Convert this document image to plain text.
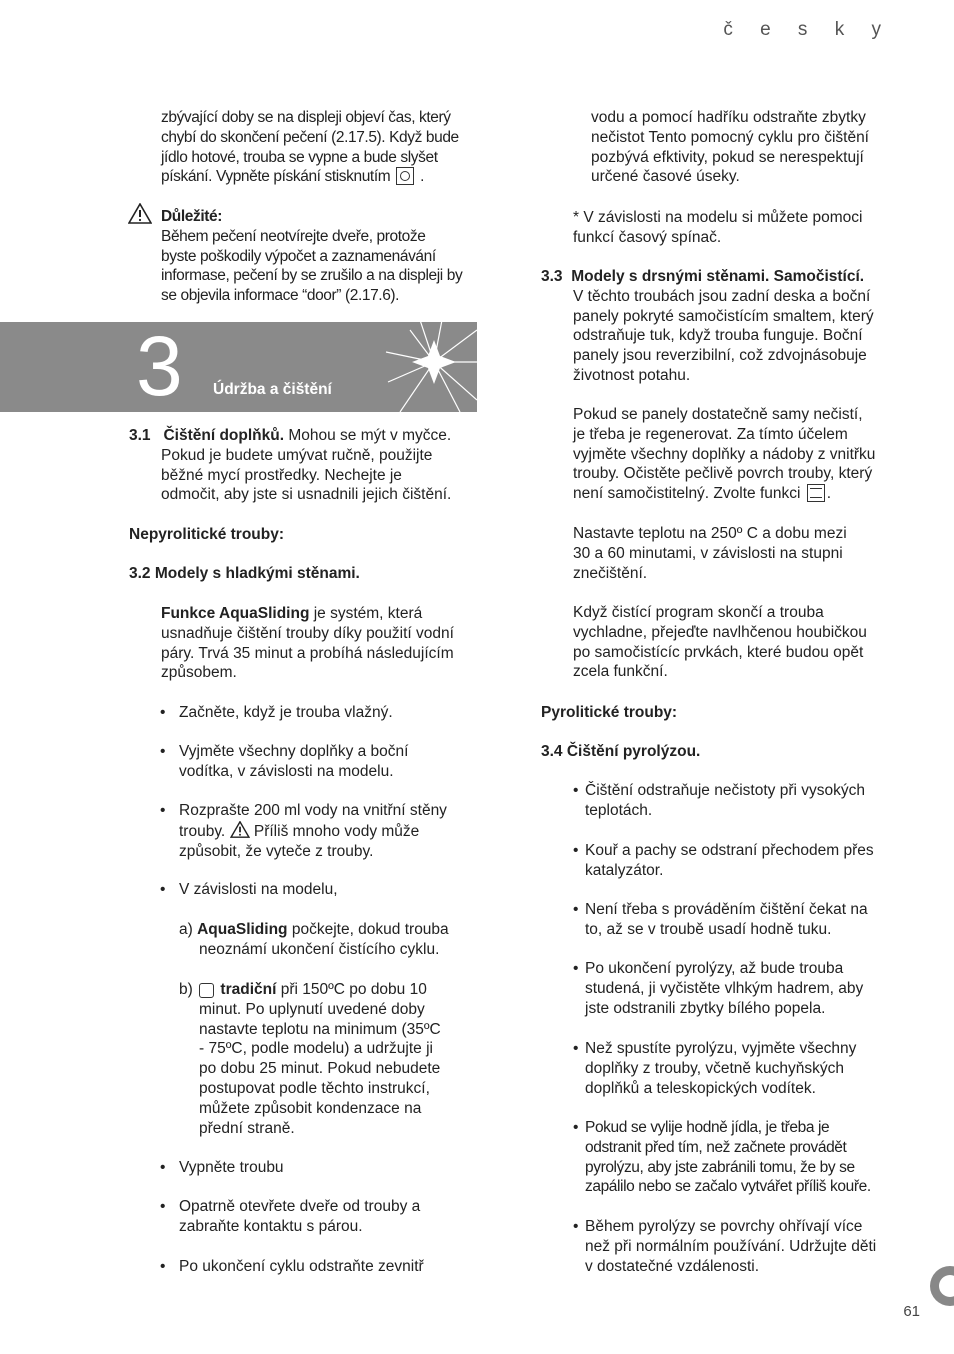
č e s k y
zbývající doby se na displeji objeví čas, který
chybí do skončení pečení (2.17.5). Když bude
jídlo hotové, trouba se vypne a bude slyšet
pískání. Vypněte pískání stisknutím .
Důležité:
Během pečení neotvírejte dveře, protože
byste poškodily výpočet a zaznamenávání
informase, pečení by se zrušilo a na displeji by
se objevila informace “door” (2.17.6).
3 Údržba a čištění
3.1 Čištění doplňků. Mohou se mýt v myčce.
Pokud je budete umývat ručně, použijte
běžné mycí prostředky. Nechejte je
odmočit, aby jste si usnadnili jejich čištění.
Nepyrolitické trouby:
3.2 Modely s hladkými stěnami.
Funkce AquaSliding je systém, která
usnadňuje čištění trouby díky použití vodní
páry. Trvá 35 minut a probíhá následujícím
způsobem.
• Začněte, když je trouba vlažný.
• Vyjměte všechny doplňky a boční
vodítka, v závislosti na modelu.
• Rozprašte 200 ml vody na vnitřní stěny
trouby. Příliš mnoho vody může
způsobit, že vyteče z trouby.
• V závislosti na modelu,
a) AquaSliding počkejte, dokud trouba
neoznámí ukončení čistícího cyklu.
b) tradiční při 150ºC po dobu 10
minut. Po uplynutí uvedené doby
nastavte teplotu na minimum (35ºC
- 75ºC, podle modelu) a udržujte ji
po dobu 25 minut. Pokud nebudete
postupovat podle těchto instrukcí,
můžete způsobit kondenzace na
přední straně.
• Vypněte troubu
• Opatrně otevřete dveře od trouby a
zabraňte kontaktu s párou.
• Po ukončení cyklu odstraňte zevnitř
vodu a pomocí hadříku odstraňte zbytky
nečistot Tento pomocný cyklu pro čištění
pozbývá efktivity, pokud se nerespektují
určené časové úseky.
* V závislosti na modelu si můžete pomoci
funkcí časový spínač.
3.3 Modely s drsnými stěnami. Samočistící.
V těchto troubách jsou zadní deska a boční
panely pokryté samočistícím smaltem, který
odstraňuje tuk, když trouba funguje. Boční
panely jsou reverzibilní, což zdvojnásobuje
životnost potahu.
Pokud se panely dostatečně samy nečistí,
je třeba je regenerovat. Za tímto účelem
vyjměte všechny doplňky a nádoby z vnitřku
trouby. Očistěte pečlivě povrch trouby, který
není samočistitelný. Zvolte funkci .
Nastavte teplotu na 250º C a dobu mezi
30 a 60 minutami, v závislosti na stupni
znečištění.
Když čistící program skončí a trouba
vychladne, přejeďte navlhčenou houbičkou
po samočistícíc prvkách, které budou opět
zcela funkční.
Pyrolitické trouby:
3.4 Čištění pyrolýzou.
• Čištění odstraňuje nečistoty při vysokých
teplotách.
• Kouř a pachy se odstraní přechodem přes
katalyzátor.
• Není třeba s prováděním čištění čekat na
to, až se v troubě usadí hodně tuku.
• Po ukončení pyrolýzy, až bude trouba
studená, ji vyčistěte vlhkým hadrem, aby
jste odstranili zbytky bílého popela.
• Než spustíte pyrolýzu, vyjměte všechny
doplňky z trouby, včetně kuchyňských
doplňků a teleskopických vodítek.
• Pokud se vylije hodně jídla, je třeba je
odstranit před tím, než začnete provádět
pyrolýzu, aby jste zabránili tomu, že by se
zapálilo nebo se začalo vytvářet příliš kouře.
• Během pyrolýzy se povrchy ohřívají více
než při normálním používání. Udržujte děti
v dostatečné vzdálenosti.
61
